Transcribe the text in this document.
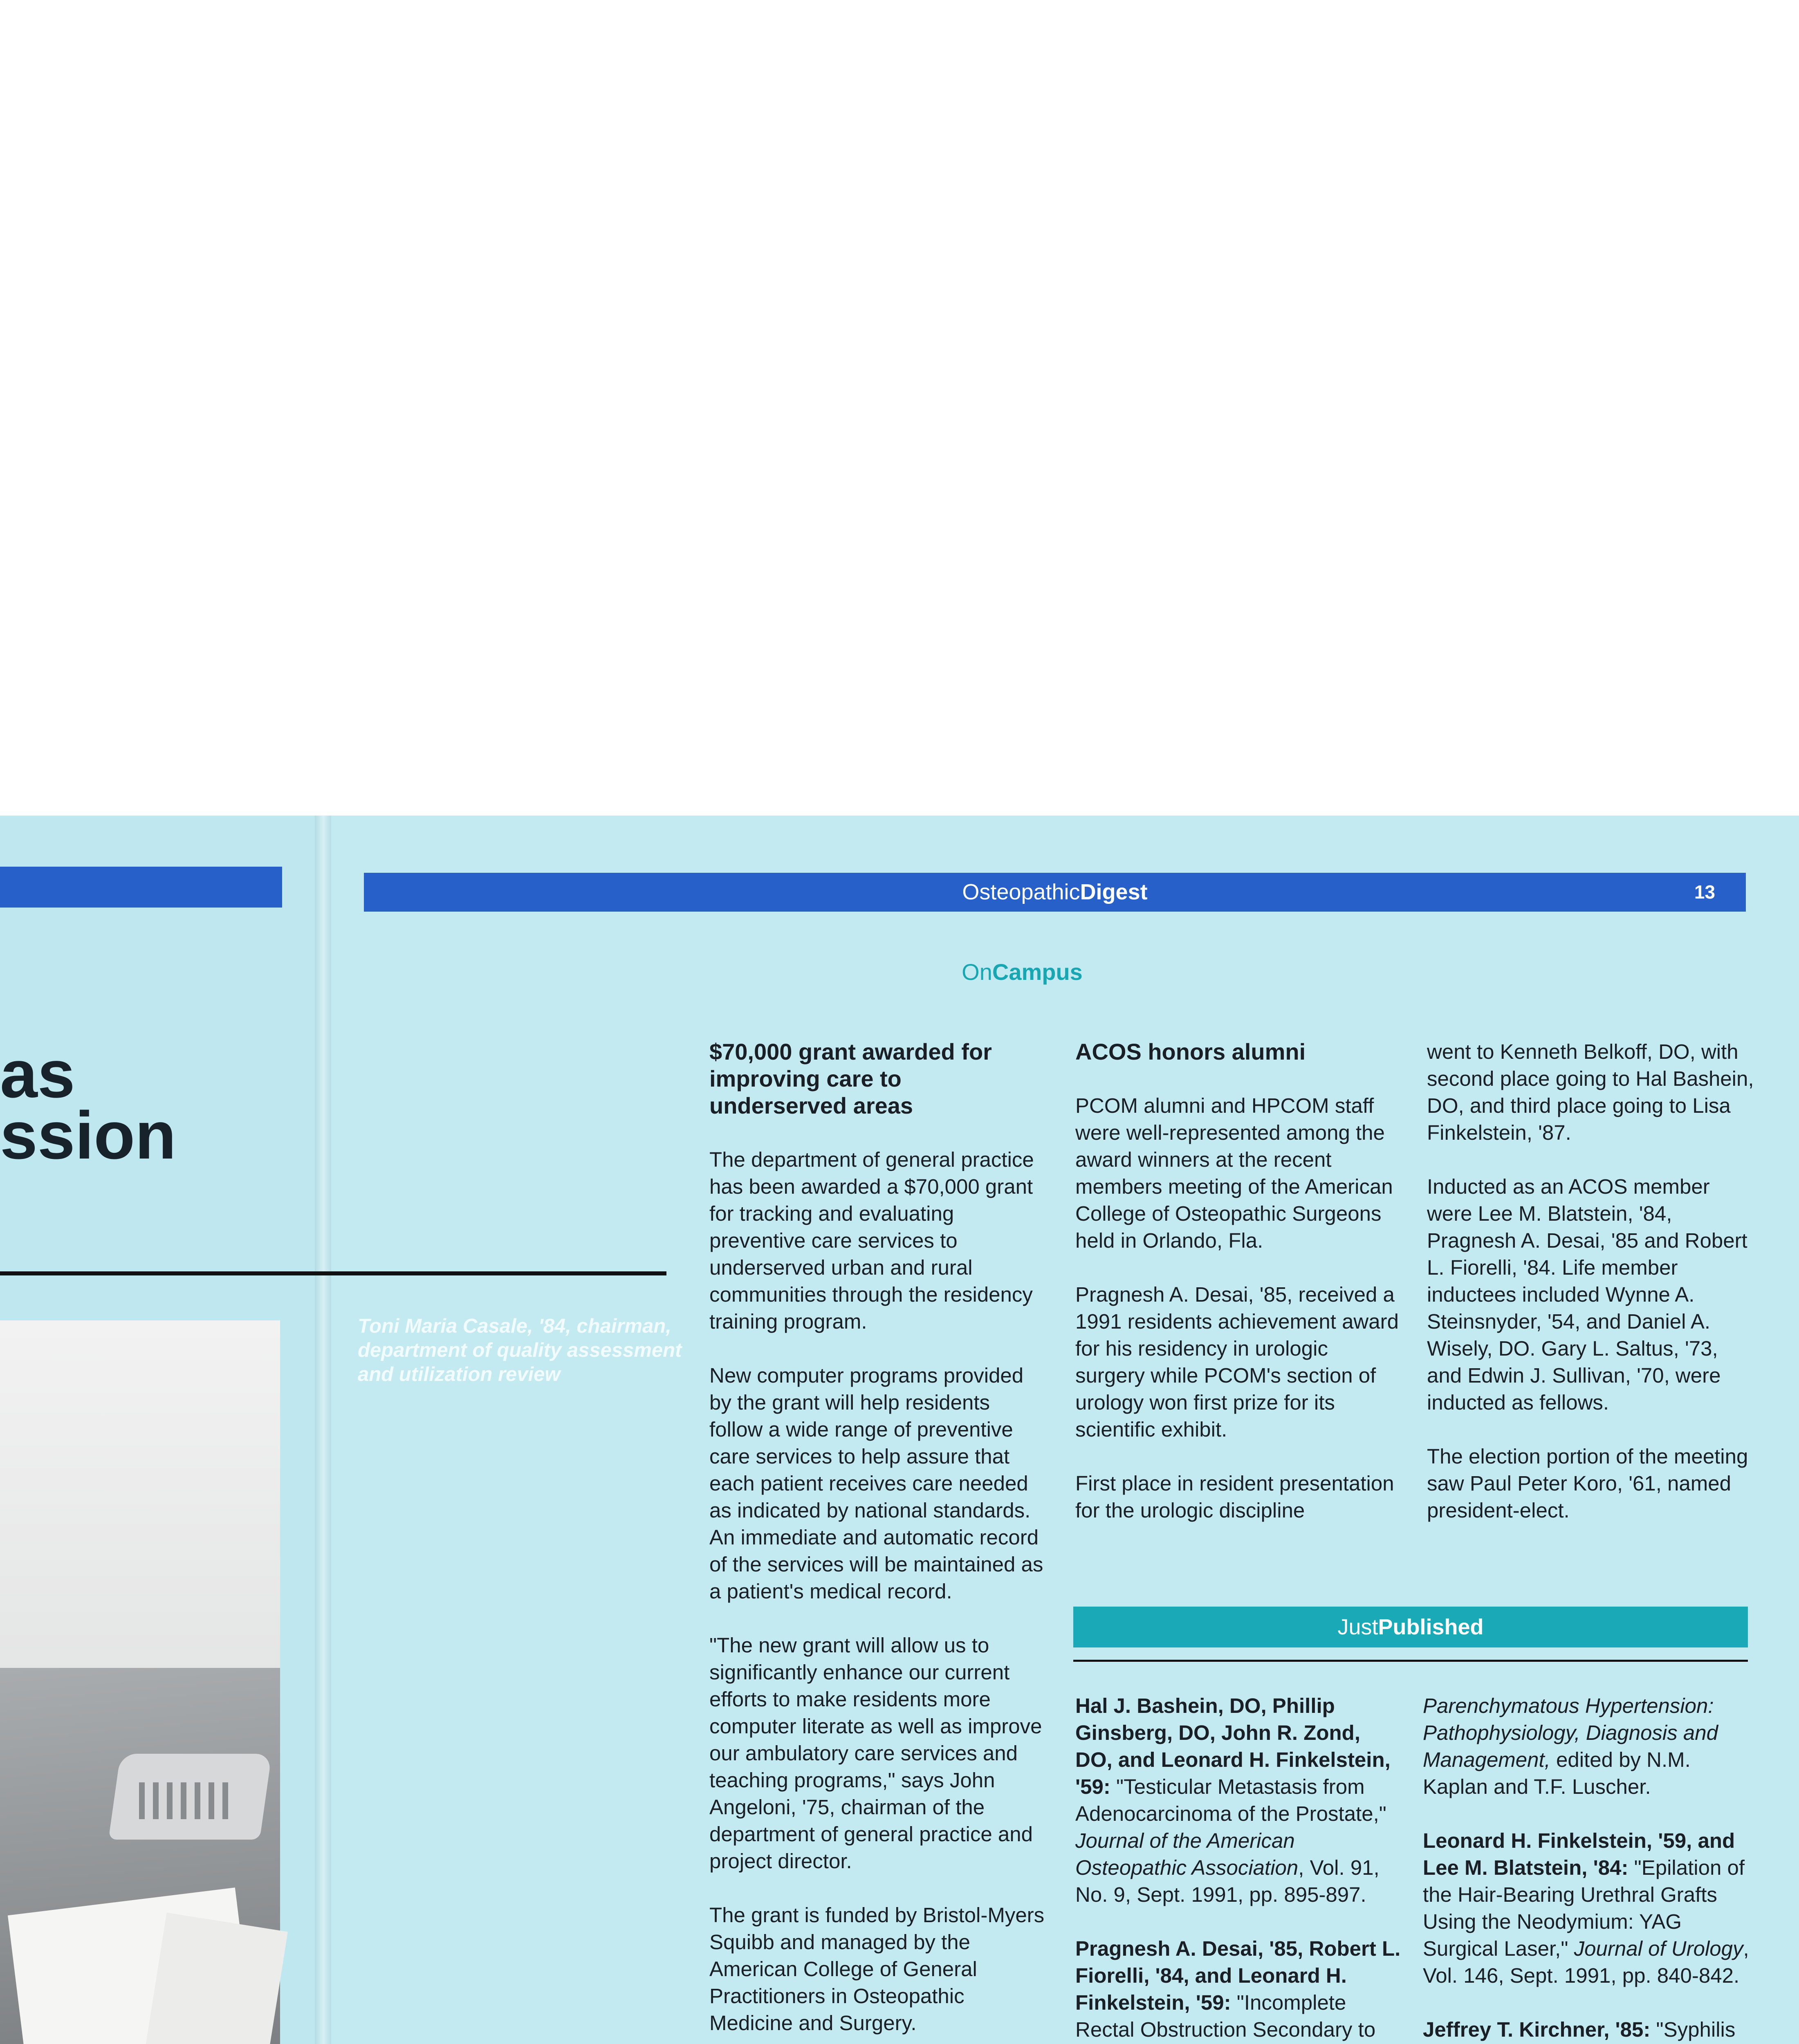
as
ssion
Toni Maria Casale, '84, chairman, department of quality assessment and utilization review

OsteopathicDigest	13
OnCampus
$70,000 grant awarded for improving care to underserved areas

The department of general practice has been awarded a $70,000 grant for tracking and evaluating preventive care services to underserved urban and rural communities through the residency training program.

New computer programs provided by the grant will help residents follow a wide range of preventive care services to help assure that each patient receives care needed as indicated by national standards. An immediate and automatic record of the services will be maintained as a patient's medical record.

"The new grant will allow us to significantly enhance our current efforts to make residents more computer literate as well as improve our ambulatory care services and teaching programs," says John Angeloni, '75, chairman of the department of general practice and project director.

The grant is funded by Bristol-Myers Squibb and managed by the American College of General Practitioners in Osteopathic Medicine and Surgery.

ACOS honors alumni

PCOM alumni and HPCOM staff were well-represented among the award winners at the recent members meeting of the American College of Osteopathic Surgeons held in Orlando, Fla.

Pragnesh A. Desai, '85, received a 1991 residents achievement award for his residency in urologic surgery while PCOM's section of urology won first prize for its scientific exhibit.

First place in resident presentation for the urologic discipline

went to Kenneth Belkoff, DO, with second place going to Hal Bashein, DO, and third place going to Lisa Finkelstein, '87.

Inducted as an ACOS member were Lee M. Blatstein, '84, Pragnesh A. Desai, '85 and Robert L. Fiorelli, '84. Life member inductees included Wynne A. Steinsnyder, '54, and Daniel A. Wisely, DO. Gary L. Saltus, '73, and Edwin J. Sullivan, '70, were inducted as fellows.

The election portion of the meeting saw Paul Peter Koro, '61, named president-elect.

JustPublished

Hal J. Bashein, DO, Phillip Ginsberg, DO, John R. Zond, DO, and Leonard H. Finkelstein, '59: "Testicular Metastasis from Adenocarcinoma of the Prostate," Journal of the American Osteopathic Association, Vol. 91, No. 9, Sept. 1991, pp. 895-897.

Pragnesh A. Desai, '85, Robert L. Fiorelli, '84, and Leonard H. Finkelstein, '59: "Incomplete Rectal Obstruction Secondary to

Parenchymatous Hypertension: Pathophysiology, Diagnosis and Management, edited by N.M. Kaplan and T.F. Luscher.

Leonard H. Finkelstein, '59, and Lee M. Blatstein, '84: "Epilation of the Hair-Bearing Urethral Grafts Using the Neodymium: YAG Surgical Laser," Journal of Urology, Vol. 146, Sept. 1991, pp. 840-842.

Jeffrey T. Kirchner, '85: "Syphilis
